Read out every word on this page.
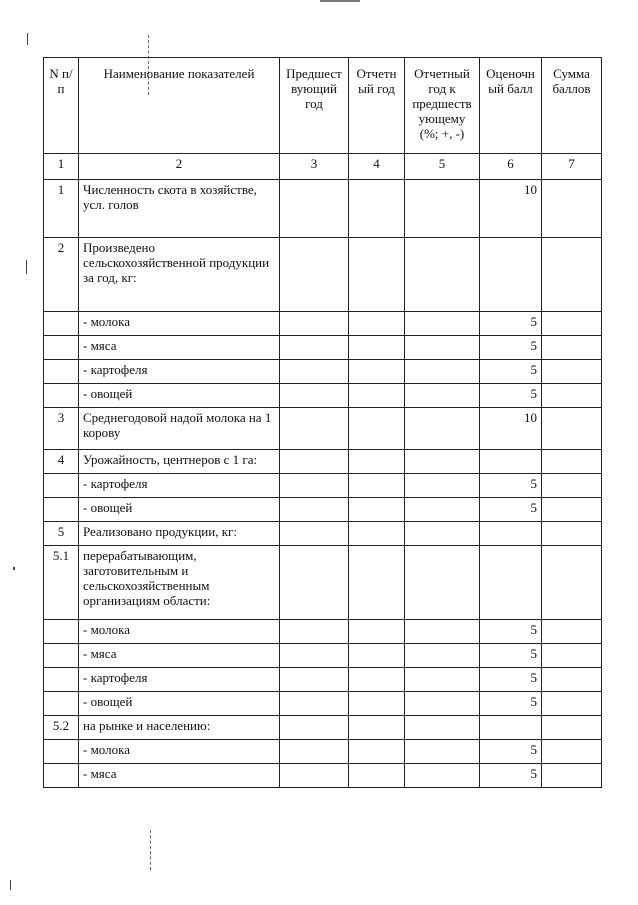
N п/п	Наименование показателей	Предшест вующий год	Отчетн ый год	Отчетный год к предшеств ующему (%; +, -)	Оценочн ый балл	Сумма баллов
1	2	3	4	5	6	7
1	Численность скота в хозяйстве, усл. голов				10	
2	Произведено сельскохозяйственной продукции за год, кг:					
	- молока				5	
	- мяса				5	
	- картофеля				5	
	- овощей				5	
3	Среднегодовой надой молока на 1 корову				10	
4	Урожайность, центнеров с 1 га:					
	- картофеля				5	
	- овощей				5	
5	Реализовано продукции, кг:					
5.1	перерабатывающим, заготовительным и сельскохозяйственным организациям области:					
	- молока				5	
	- мяса				5	
	- картофеля				5	
	- овощей				5	
5.2	на рынке и населению:					
	- молока				5	
	- мяса				5	
